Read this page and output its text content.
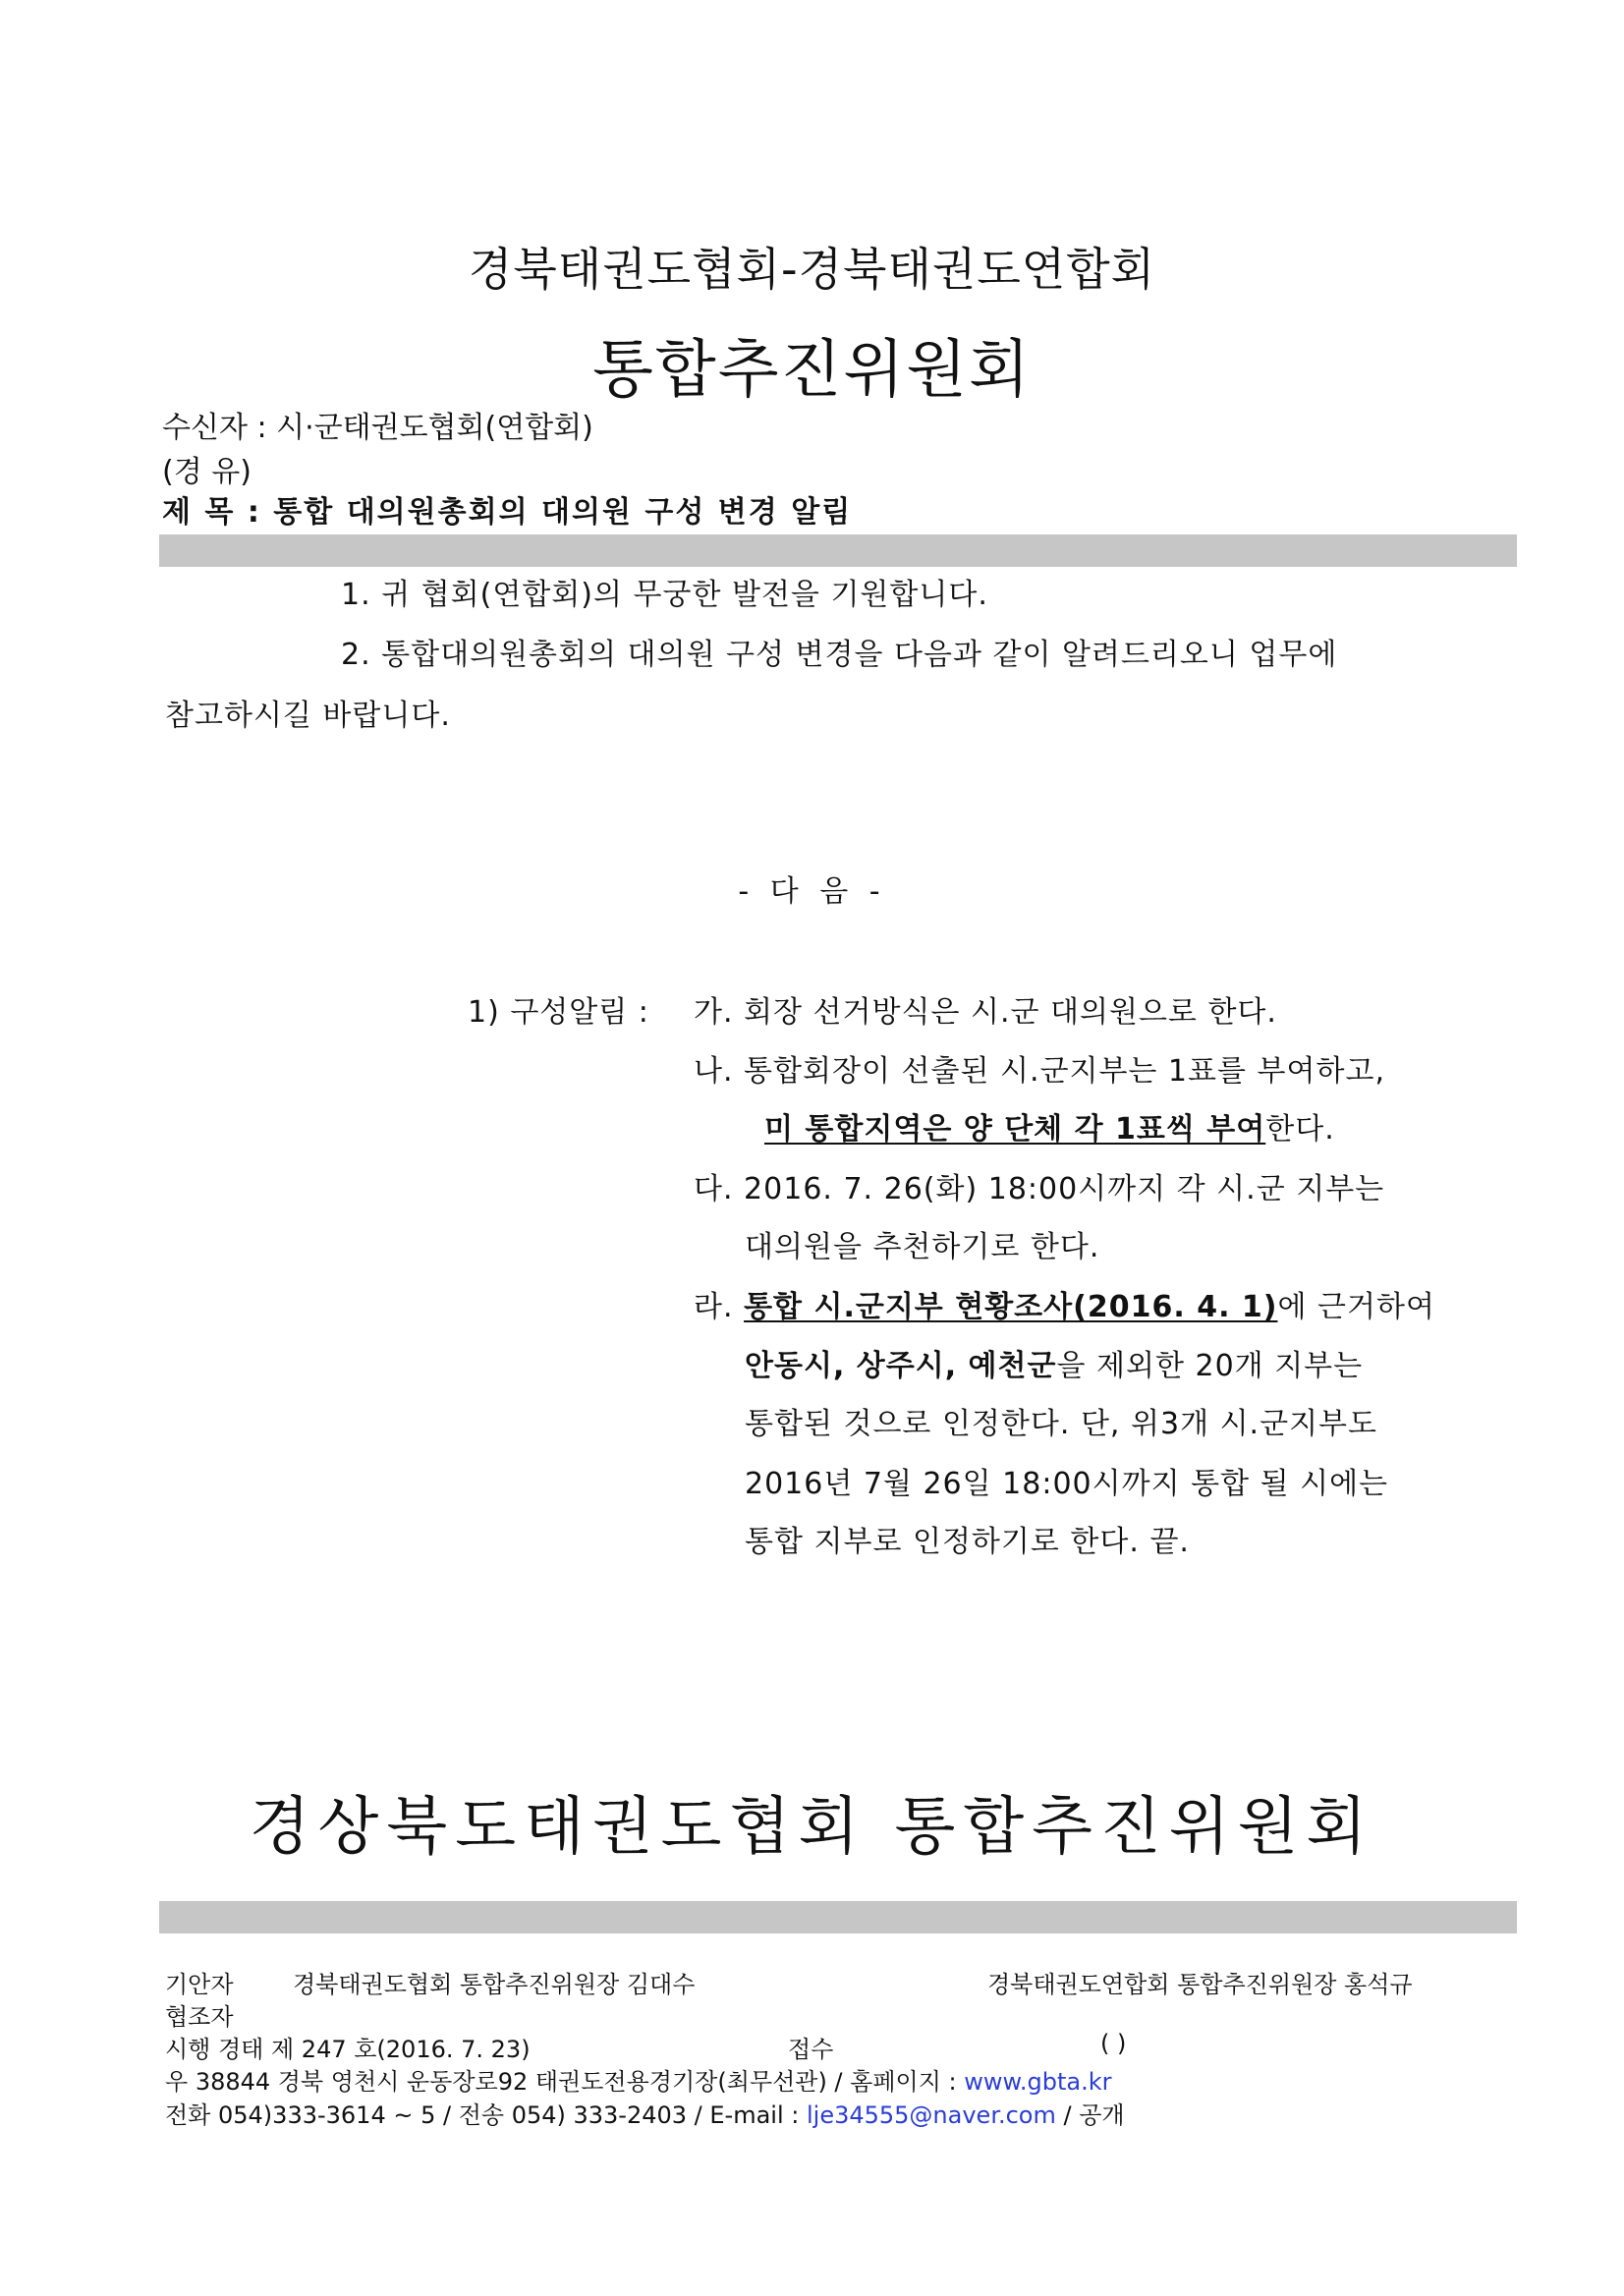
경북태권도협회-경북태권도연합회
통합추진위원회
수신자 : 시·군태권도협회(연합회)
(경 유)
제 목 : 통합 대의원총회의 대의원 구성 변경 알림
1. 귀 협회(연합회)의 무궁한 발전을 기원합니다.
2. 통합대의원총회의 대의원 구성 변경을 다음과 같이 알려드리오니 업무에
참고하시길 바랍니다.
- 다 음 -
1) 구성알림 : 가. 회장 선거방식은 시.군 대의원으로 한다.
나. 통합회장이 선출된 시.군지부는 1표를 부여하고,
미 통합지역은 양 단체 각 1표씩 부여한다.
다. 2016. 7. 26(화) 18:00시까지 각 시.군 지부는
대의원을 추천하기로 한다.
라. 통합 시.군지부 현황조사(2016. 4. 1)에 근거하여
안동시, 상주시, 예천군을 제외한 20개 지부는
통합된 것으로 인정한다. 단, 위3개 시.군지부도
2016년 7월 26일 18:00시까지 통합 될 시에는
통합 지부로 인정하기로 한다. 끝.
경상북도태권도협회 통합추진위원회
기안자	경북태권도협회 통합추진위원장 김대수	경북태권도연합회 통합추진위원장 홍석규
협조자
시행 경태 제 247 호(2016. 7. 23)	접수	( )
우 38844 경북 영천시 운동장로92 태권도전용경기장(최무선관) / 홈페이지 : www.gbta.kr
전화 054)333-3614 ~ 5 / 전송 054) 333-2403 / E-mail : lje34555@naver.com / 공개
